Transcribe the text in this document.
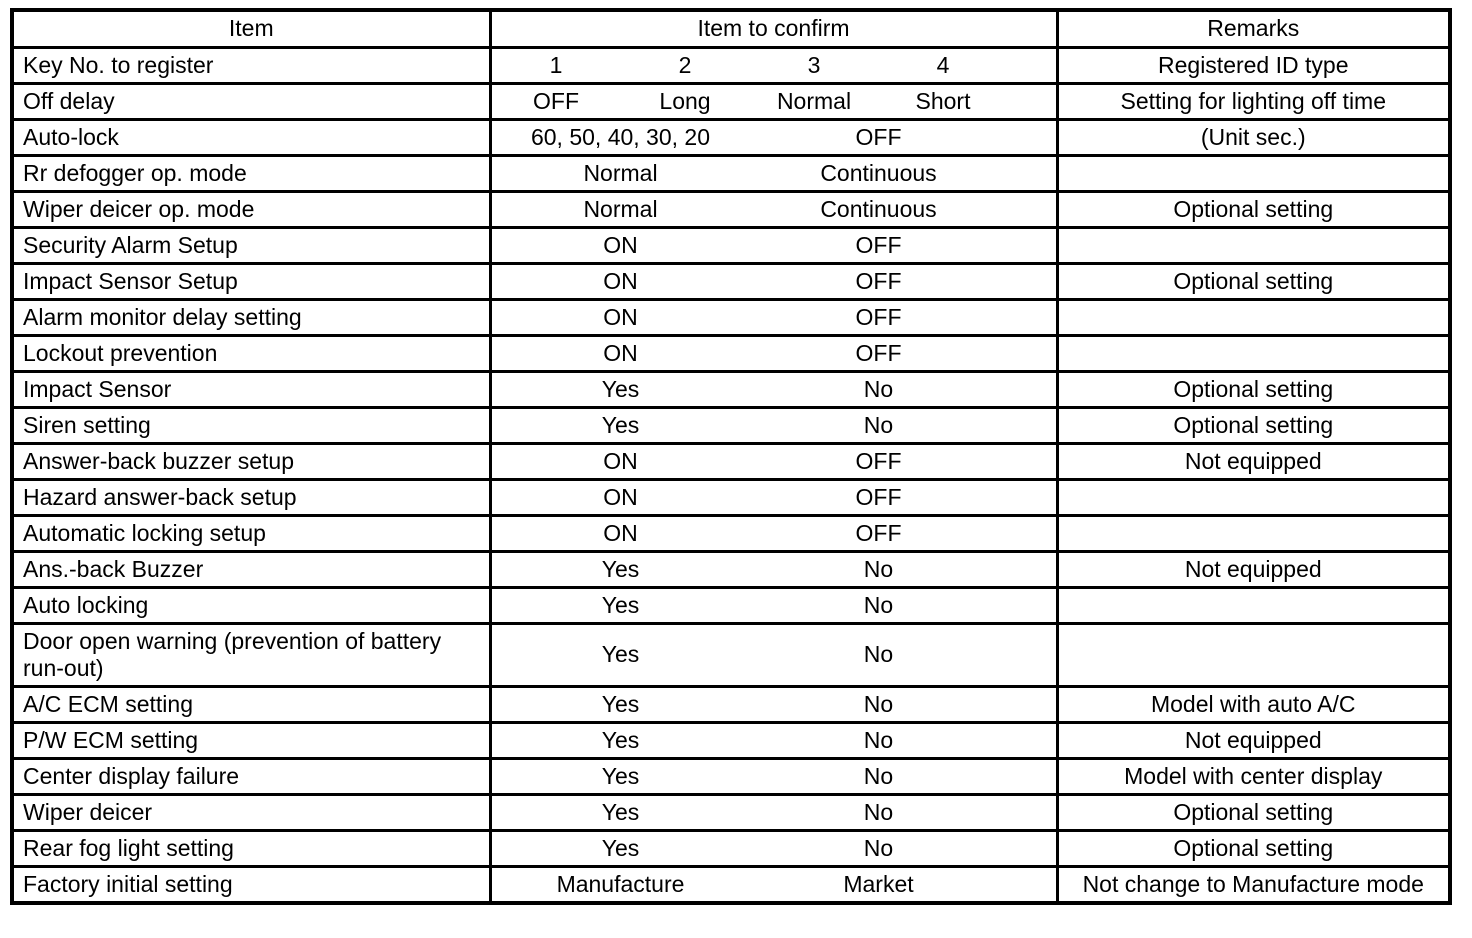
Item	Item to confirm	Remarks
Key No. to register	1 2 3 4	Registered ID type
Off delay	OFF Long Normal Short	Setting for lighting off time
Auto-lock	60, 50, 40, 30, 20 OFF	(Unit sec.)
Rr defogger op. mode	Normal Continuous	

Wiper deicer op. mode	Normal Continuous	Optional setting
Security Alarm Setup	ON OFF	

Impact Sensor Setup	ON OFF	Optional setting
Alarm monitor delay setting	ON OFF	

Lockout prevention	ON OFF	

Impact Sensor	Yes No	Optional setting
Siren setting	Yes No	Optional setting
Answer-back buzzer setup	ON OFF	Not equipped
Hazard answer-back setup	ON OFF	

Automatic locking setup	ON OFF	

Ans.-back Buzzer	Yes No	Not equipped
Auto locking	Yes No	

Door open warning (prevention of battery run-out)	Yes No	

A/C ECM setting	Yes No	Model with auto A/C
P/W ECM setting	Yes No	Not equipped
Center display failure	Yes No	Model with center display
Wiper deicer	Yes No	Optional setting
Rear fog light setting	Yes No	Optional setting
Factory initial setting	Manufacture Market	Not change to Manufacture mode
